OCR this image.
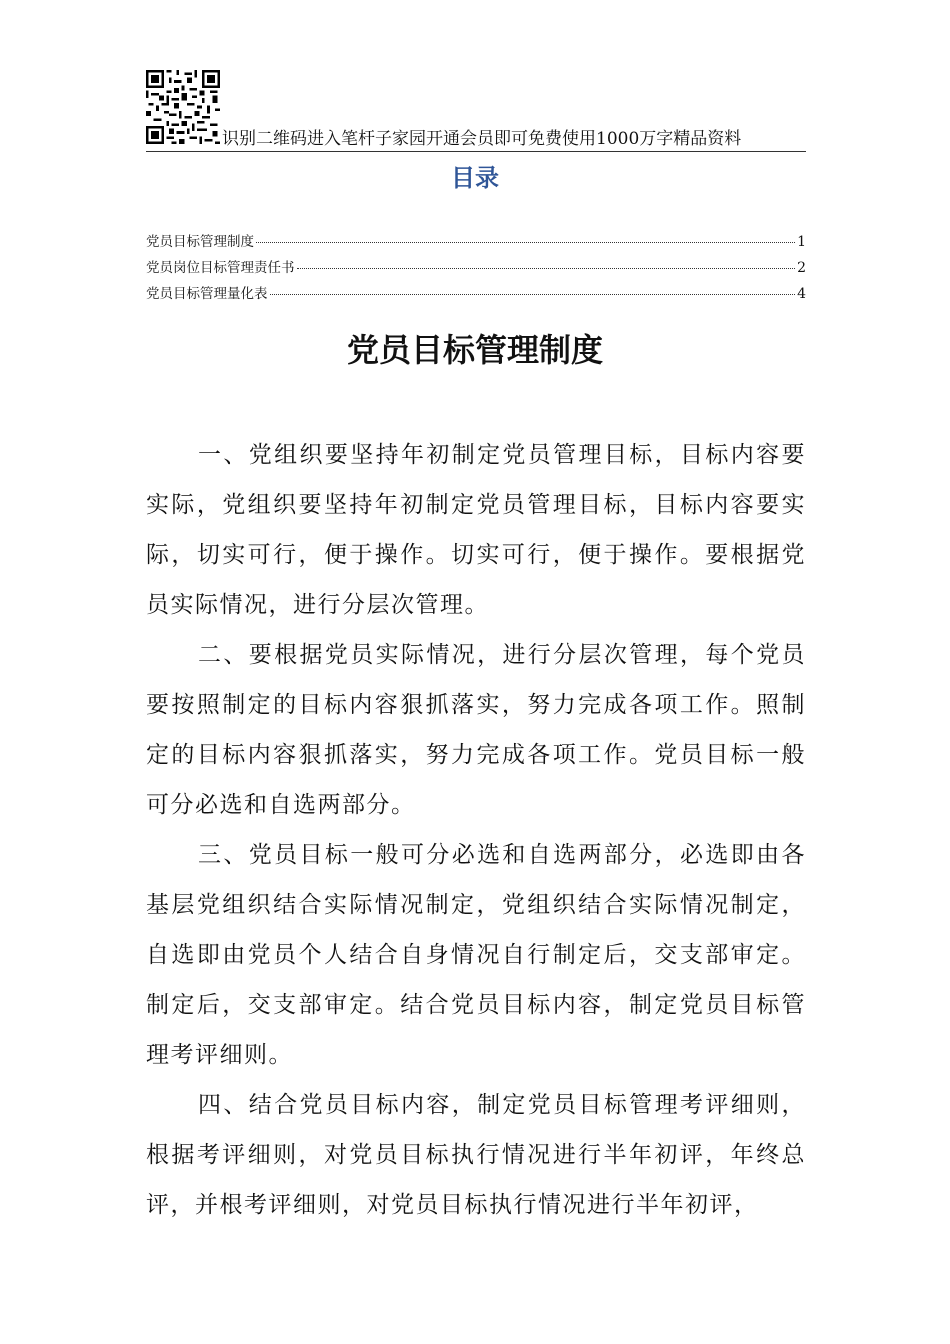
识别二维码进入笔杆子家园开通会员即可免费使用1000万字精品资料
目录
党员目标管理制度	1
党员岗位目标管理责任书	2
党员目标管理量化表	4
党员目标管理制度

一、党组织要坚持年初制定党员管理目标，目标内容要实际，党组织要坚持年初制定党员管理目标，目标内容要实际，切实可行，便于操作。切实可行，便于操作。要根据党员实际情况，进行分层次管理。

二、要根据党员实际情况，进行分层次管理，每个党员要按照制定的目标内容狠抓落实，努力完成各项工作。照制定的目标内容狠抓落实，努力完成各项工作。党员目标一般可分必选和自选两部分。

三、党员目标一般可分必选和自选两部分，必选即由各基层党组织结合实际情况制定，党组织结合实际情况制定，自选即由党员个人结合自身情况自行制定后，交支部审定。制定后，交支部审定。结合党员目标内容，制定党员目标管理考评细则。

四、结合党员目标内容，制定党员目标管理考评细则，根据考评细则，对党员目标执行情况进行半年初评，年终总评，并根考评细则，对党员目标执行情况进行半年初评，
